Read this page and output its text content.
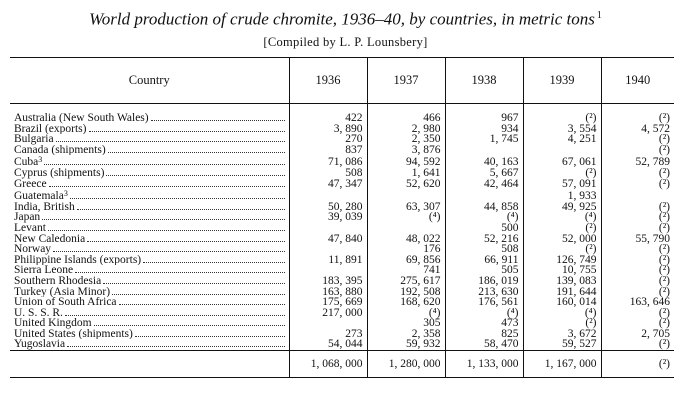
World production of crude chromite, 1936–40, by countries, in metric tons $^1$
[Compiled by L. P. Lounsbery]
Country	1936	1937	1938	1939	1940

Australia (New South Wales)	422	466	967	(²)	(²)

Brazil (exports)	3, 890	2, 980	934	3, 554	4, 572

Bulgaria	270	2, 350	1, 745	4, 251	(²)

Canada (shipments)	837	3, 876			(²)

Cuba$^3$	71, 086	94, 592	40, 163	67, 061	52, 789

Cyprus (shipments)	508	1, 641	5, 667	(²)	(²)

Greece	47, 347	52, 620	42, 464	57, 091	(²)

Guatemala$^3$				1, 933	

India, British	50, 280	63, 307	44, 858	49, 925	(²)

Japan	39, 039	(⁴)	(⁴)	(⁴)	(²)

Levant			500	(²)	(²)

New Caledonia	47, 840	48, 022	52, 216	52, 000	55, 790

Norway		176	508	(²)	(²)

Philippine Islands (exports)	11, 891	69, 856	66, 911	126, 749	(²)

Sierra Leone		741	505	10, 755	(²)

Southern Rhodesia	183, 395	275, 617	186, 019	139, 083	(²)

Turkey (Asia Minor)	163, 880	192, 508	213, 630	191, 644	(²)

Union of South Africa	175, 669	168, 620	176, 561	160, 014	163, 646

U. S. S. R.	217, 000	(⁴)	(⁴)	(⁴)	(²)

United Kingdom		305	473	(²)	(²)

United States (shipments)	273	2, 358	825	3, 672	2, 705

Yugoslavia	54, 044	59, 932	58, 470	59, 527	(²)
	1, 068, 000	1, 280, 000	1, 133, 000	1, 167, 000	(²)
